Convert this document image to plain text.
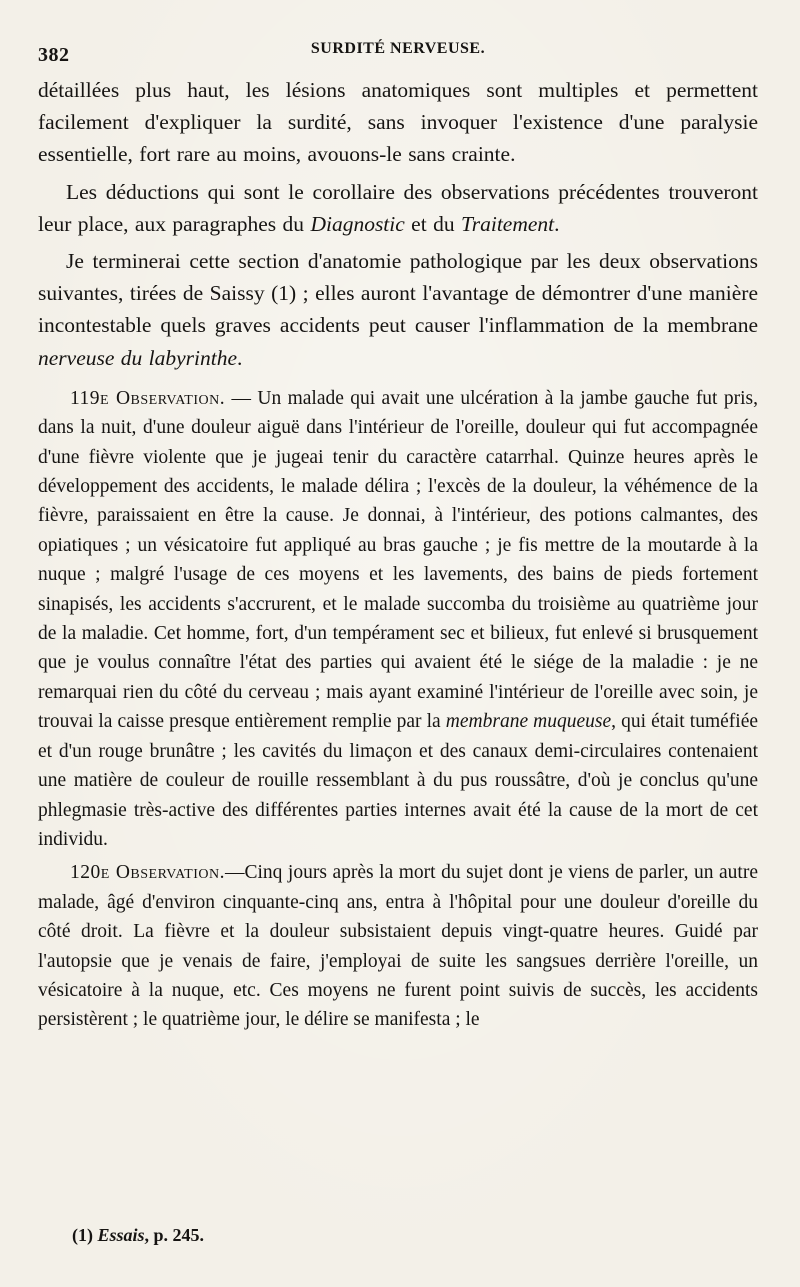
382	SURDITÉ NERVEUSE.

détaillées plus haut, les lésions anatomiques sont multiples et permettent facilement d'expliquer la surdité, sans invoquer l'existence d'une paralysie essentielle, fort rare au moins, avouons-le sans crainte.

Les déductions qui sont le corollaire des observations précédentes trouveront leur place, aux paragraphes du Diagnostic et du Traitement.

Je terminerai cette section d'anatomie pathologique par les deux observations suivantes, tirées de Saissy (1) ; elles auront l'avantage de démontrer d'une manière incontestable quels graves accidents peut causer l'inflammation de la membrane nerveuse du labyrinthe.

119e Observation. — Un malade qui avait une ulcération à la jambe gauche fut pris, dans la nuit, d'une douleur aiguë dans l'intérieur de l'oreille, douleur qui fut accompagnée d'une fièvre violente que je jugeai tenir du caractère catarrhal. Quinze heures après le développement des accidents, le malade délira ; l'excès de la douleur, la véhémence de la fièvre, paraissaient en être la cause. Je donnai, à l'intérieur, des potions calmantes, des opiatiques ; un vésicatoire fut appliqué au bras gauche ; je fis mettre de la moutarde à la nuque ; malgré l'usage de ces moyens et les lavements, des bains de pieds fortement sinapisés, les accidents s'accrurent, et le malade succomba du troisième au quatrième jour de la maladie. Cet homme, fort, d'un tempérament sec et bilieux, fut enlevé si brusquement que je voulus connaître l'état des parties qui avaient été le siége de la maladie : je ne remarquai rien du côté du cerveau ; mais ayant examiné l'intérieur de l'oreille avec soin, je trouvai la caisse presque entièrement remplie par la membrane muqueuse, qui était tuméfiée et d'un rouge brunâtre ; les cavités du limaçon et des canaux demi-circulaires contenaient une matière de couleur de rouille ressemblant à du pus roussâtre, d'où je conclus qu'une phlegmasie très-active des différentes parties internes avait été la cause de la mort de cet individu.

120e Observation.—Cinq jours après la mort du sujet dont je viens de parler, un autre malade, âgé d'environ cinquante-cinq ans, entra à l'hôpital pour une douleur d'oreille du côté droit. La fièvre et la douleur subsistaient depuis vingt-quatre heures. Guidé par l'autopsie que je venais de faire, j'employai de suite les sangsues derrière l'oreille, un vésicatoire à la nuque, etc. Ces moyens ne furent point suivis de succès, les accidents persistèrent ; le quatrième jour, le délire se manifesta ; le

(1) Essais, p. 245.
